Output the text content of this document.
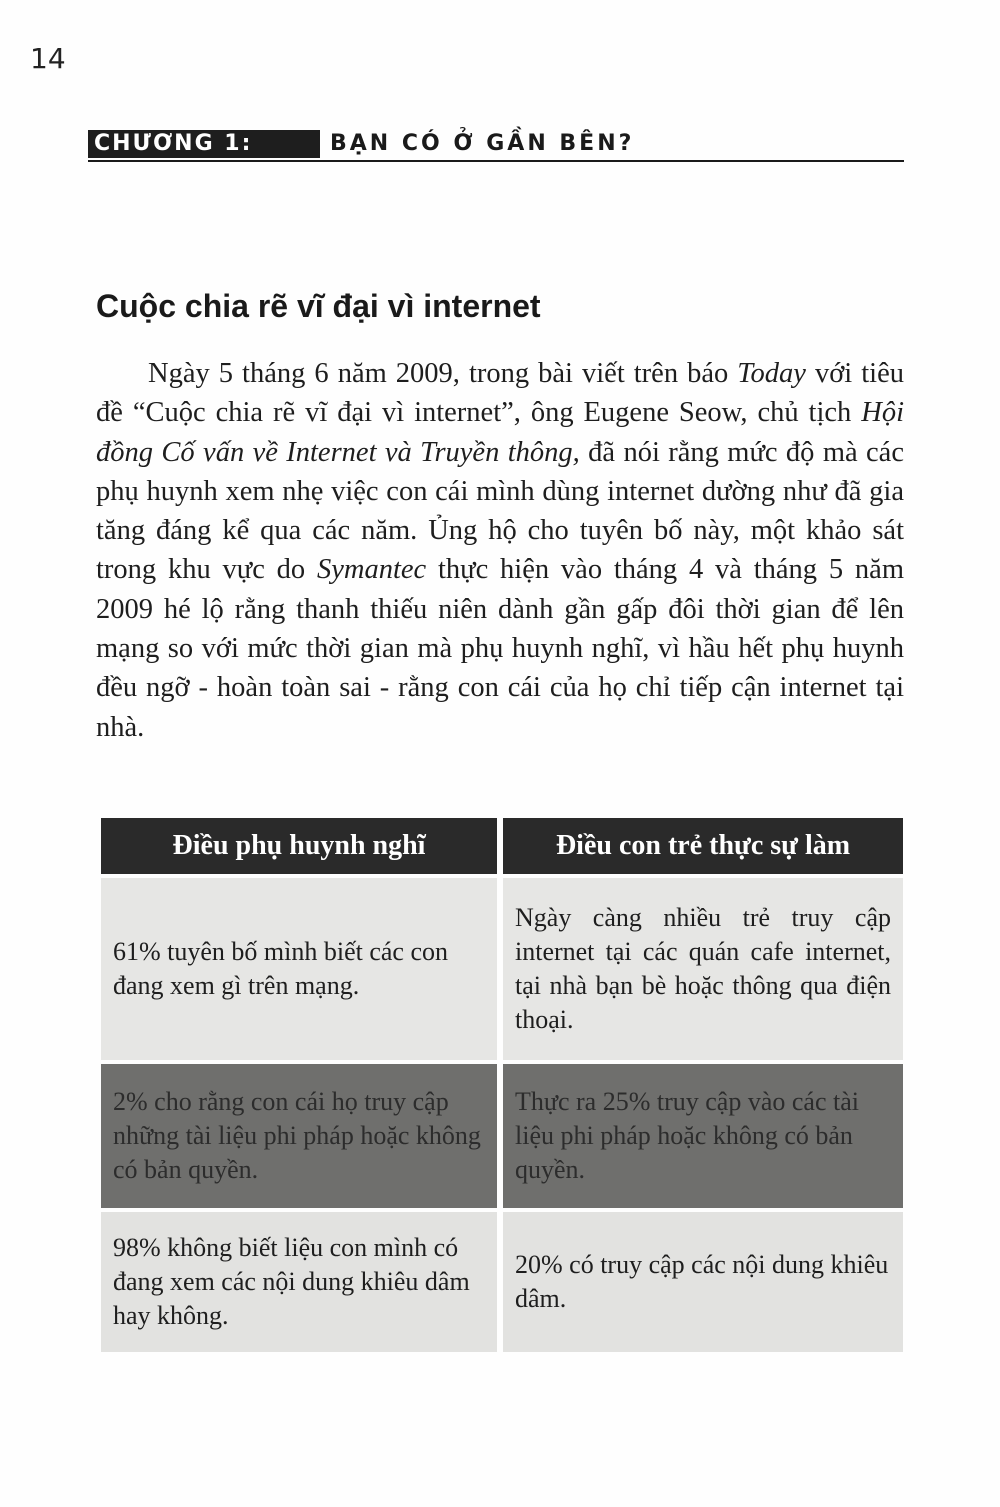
14
CHƯƠNG 1:	BẠN CÓ Ở GẦN BÊN?
Cuộc chia rẽ vĩ đại vì internet

Ngày 5 tháng 6 năm 2009, trong bài viết trên báo Today với tiêu đề “Cuộc chia rẽ vĩ đại vì internet”, ông Eugene Seow, chủ tịch Hội đồng Cố vấn về Internet và Truyền thông, đã nói rằng mức độ mà các phụ huynh xem nhẹ việc con cái mình dùng internet dường như đã gia tăng đáng kể qua các năm. Ủng hộ cho tuyên bố này, một khảo sát trong khu vực do Symantec thực hiện vào tháng 4 và tháng 5 năm 2009 hé lộ rằng thanh thiếu niên dành gần gấp đôi thời gian để lên mạng so với mức thời gian mà phụ huynh nghĩ, vì hầu hết phụ huynh đều ngỡ - hoàn toàn sai - rằng con cái của họ chỉ tiếp cận internet tại nhà.

Điều phụ huynh nghĩ	Điều con trẻ thực sự làm
61% tuyên bố mình biết các con đang xem gì trên mạng.
Ngày càng nhiều trẻ truy cập internet tại các quán cafe internet, tại nhà bạn bè hoặc thông qua điện thoại.
2% cho rằng con cái họ truy cập những tài liệu phi pháp hoặc không có bản quyền.
Thực ra 25% truy cập vào các tài liệu phi pháp hoặc không có bản quyền.
98% không biết liệu con mình có đang xem các nội dung khiêu dâm hay không.
20% có truy cập các nội dung khiêu dâm.
